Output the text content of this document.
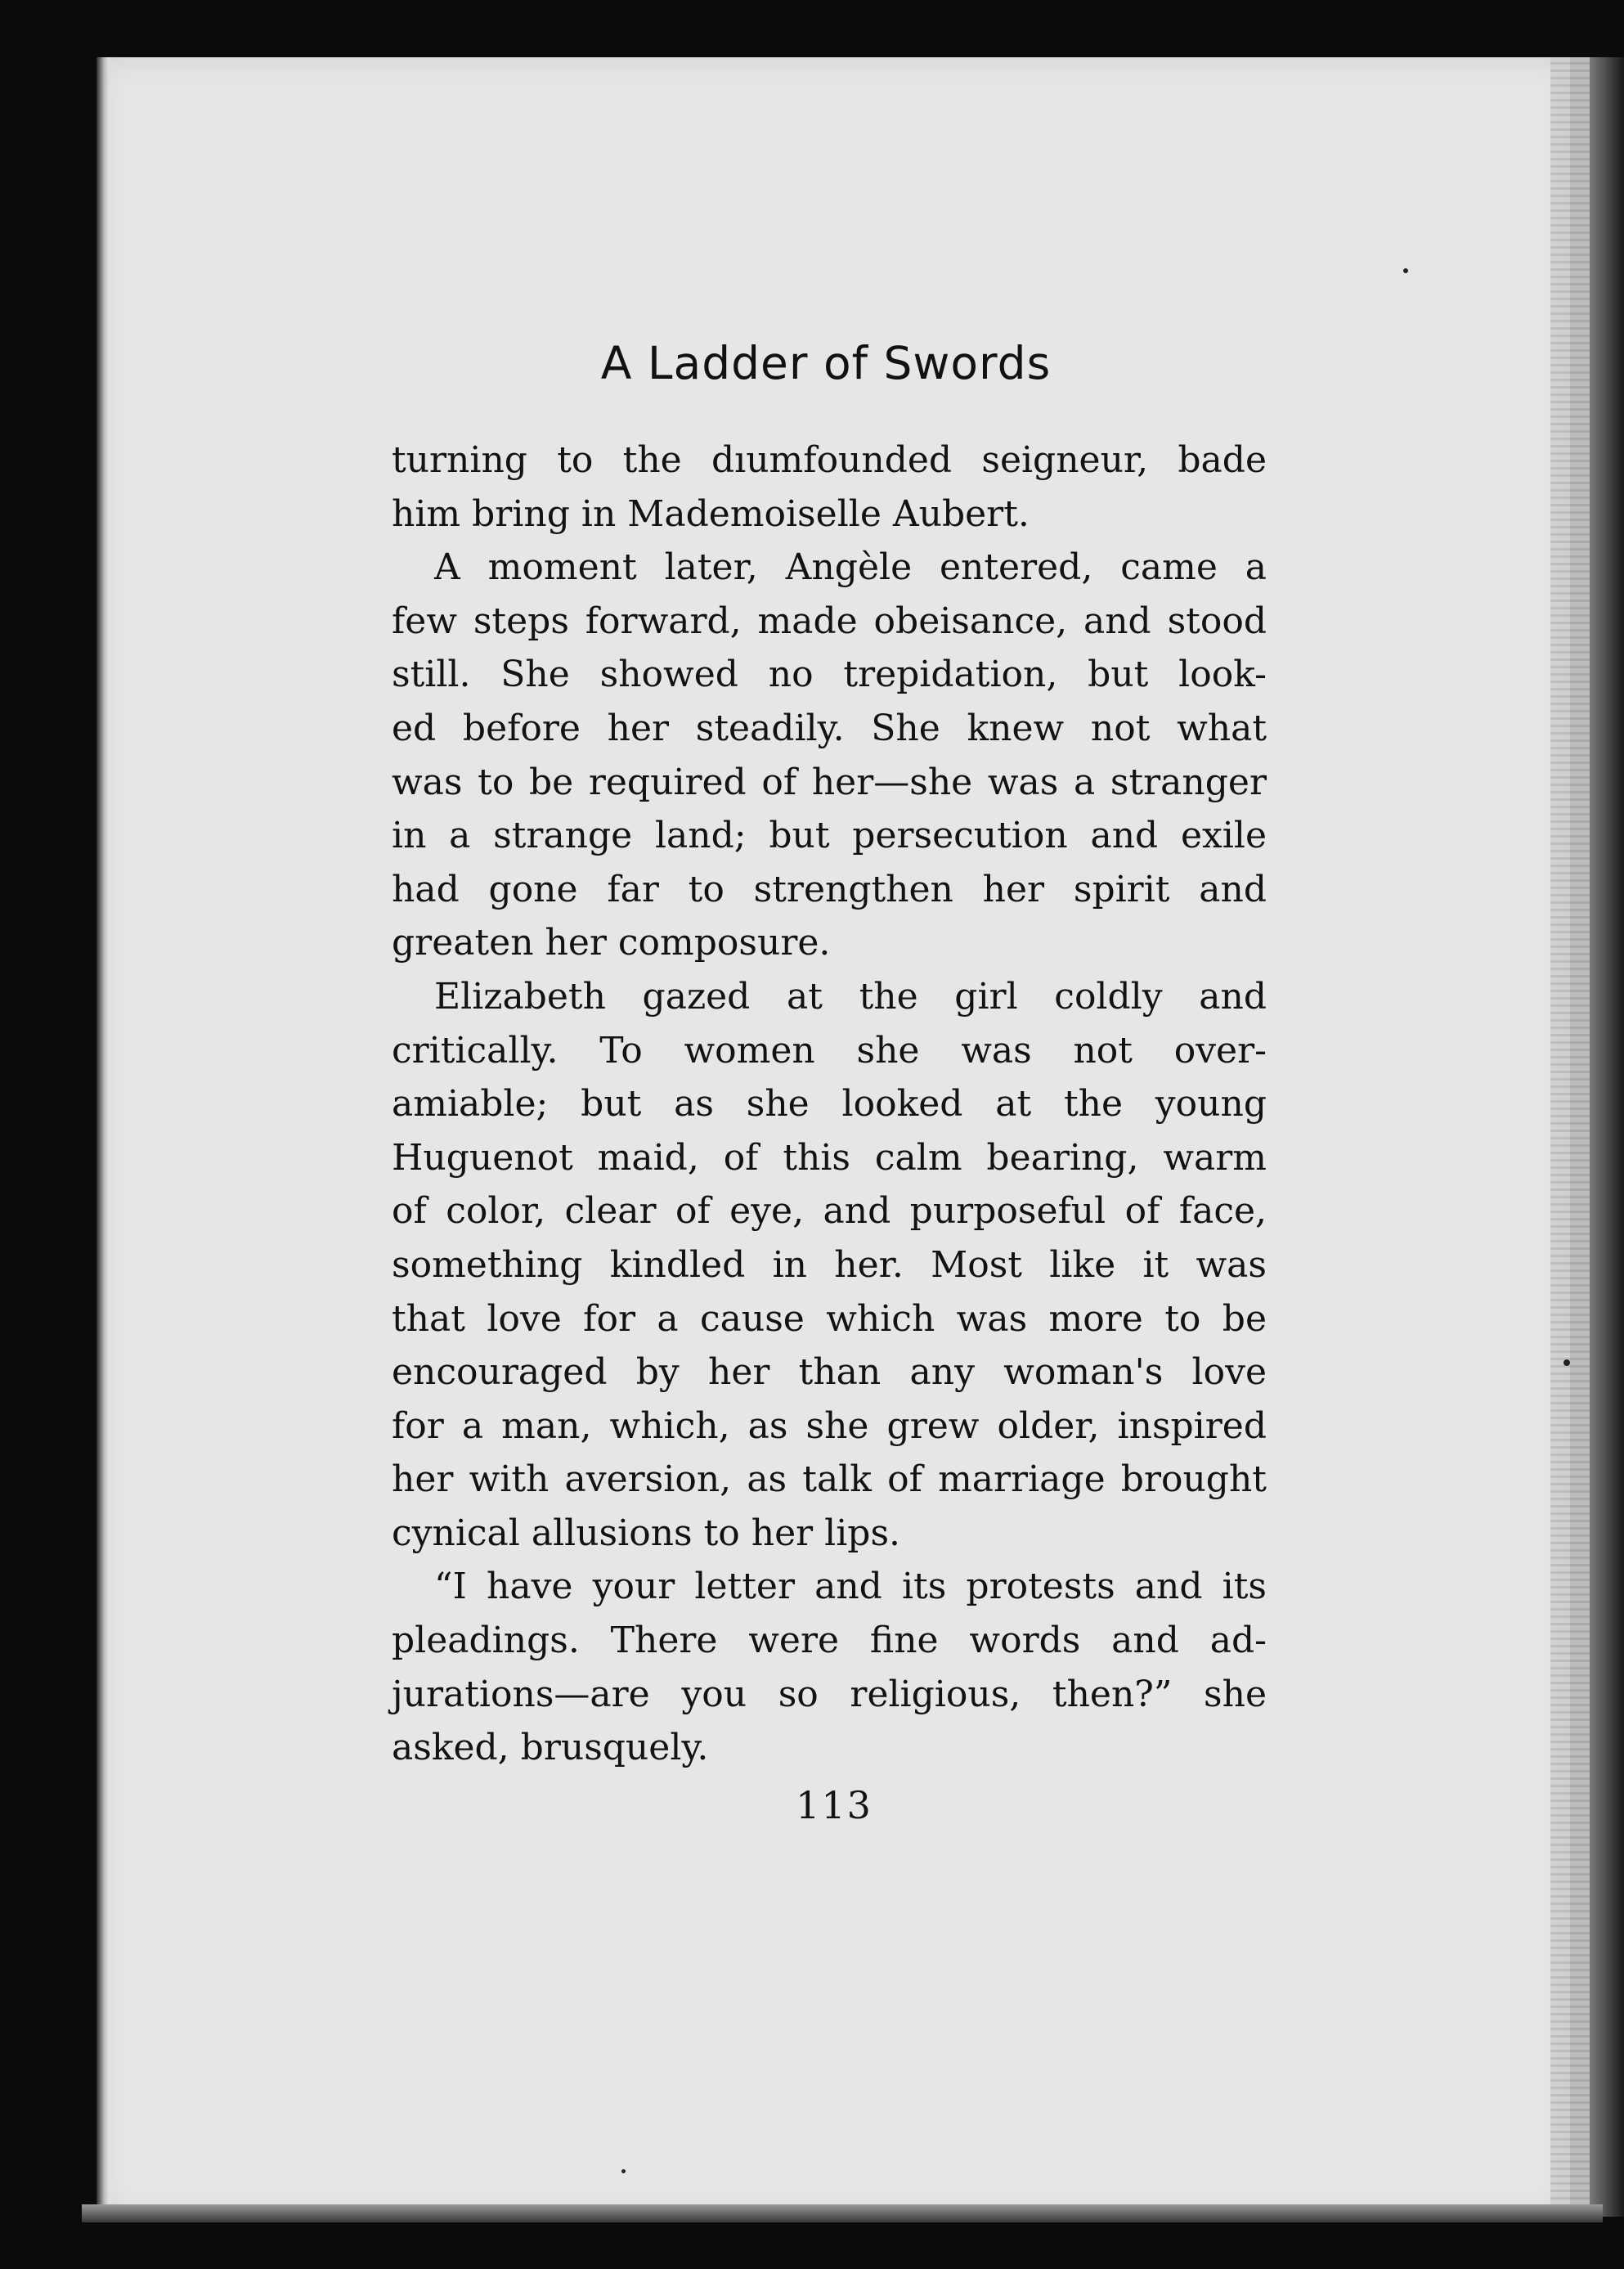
A Ladder of Swords
turning to the dıumfounded seigneur, bade
him bring in Mademoiselle Aubert.
A moment later, Angèle entered, came a
few steps forward, made obeisance, and stood
still. She showed no trepidation, but look-
ed before her steadily. She knew not what
was to be required of her—she was a stranger
in a strange land; but persecution and exile
had gone far to strengthen her spirit and
greaten her composure.
Elizabeth gazed at the girl coldly and
critically. To women she was not over-
amiable; but as she looked at the young
Huguenot maid, of this calm bearing, warm
of color, clear of eye, and purposeful of face,
something kindled in her. Most like it was
that love for a cause which was more to be
encouraged by her than any woman's love
for a man, which, as she grew older, inspired
her with aversion, as talk of marriage brought
cynical allusions to her lips.
“I have your letter and its protests and its
pleadings. There were fine words and ad-
jurations—are you so religious, then?” she
asked, brusquely.
113
